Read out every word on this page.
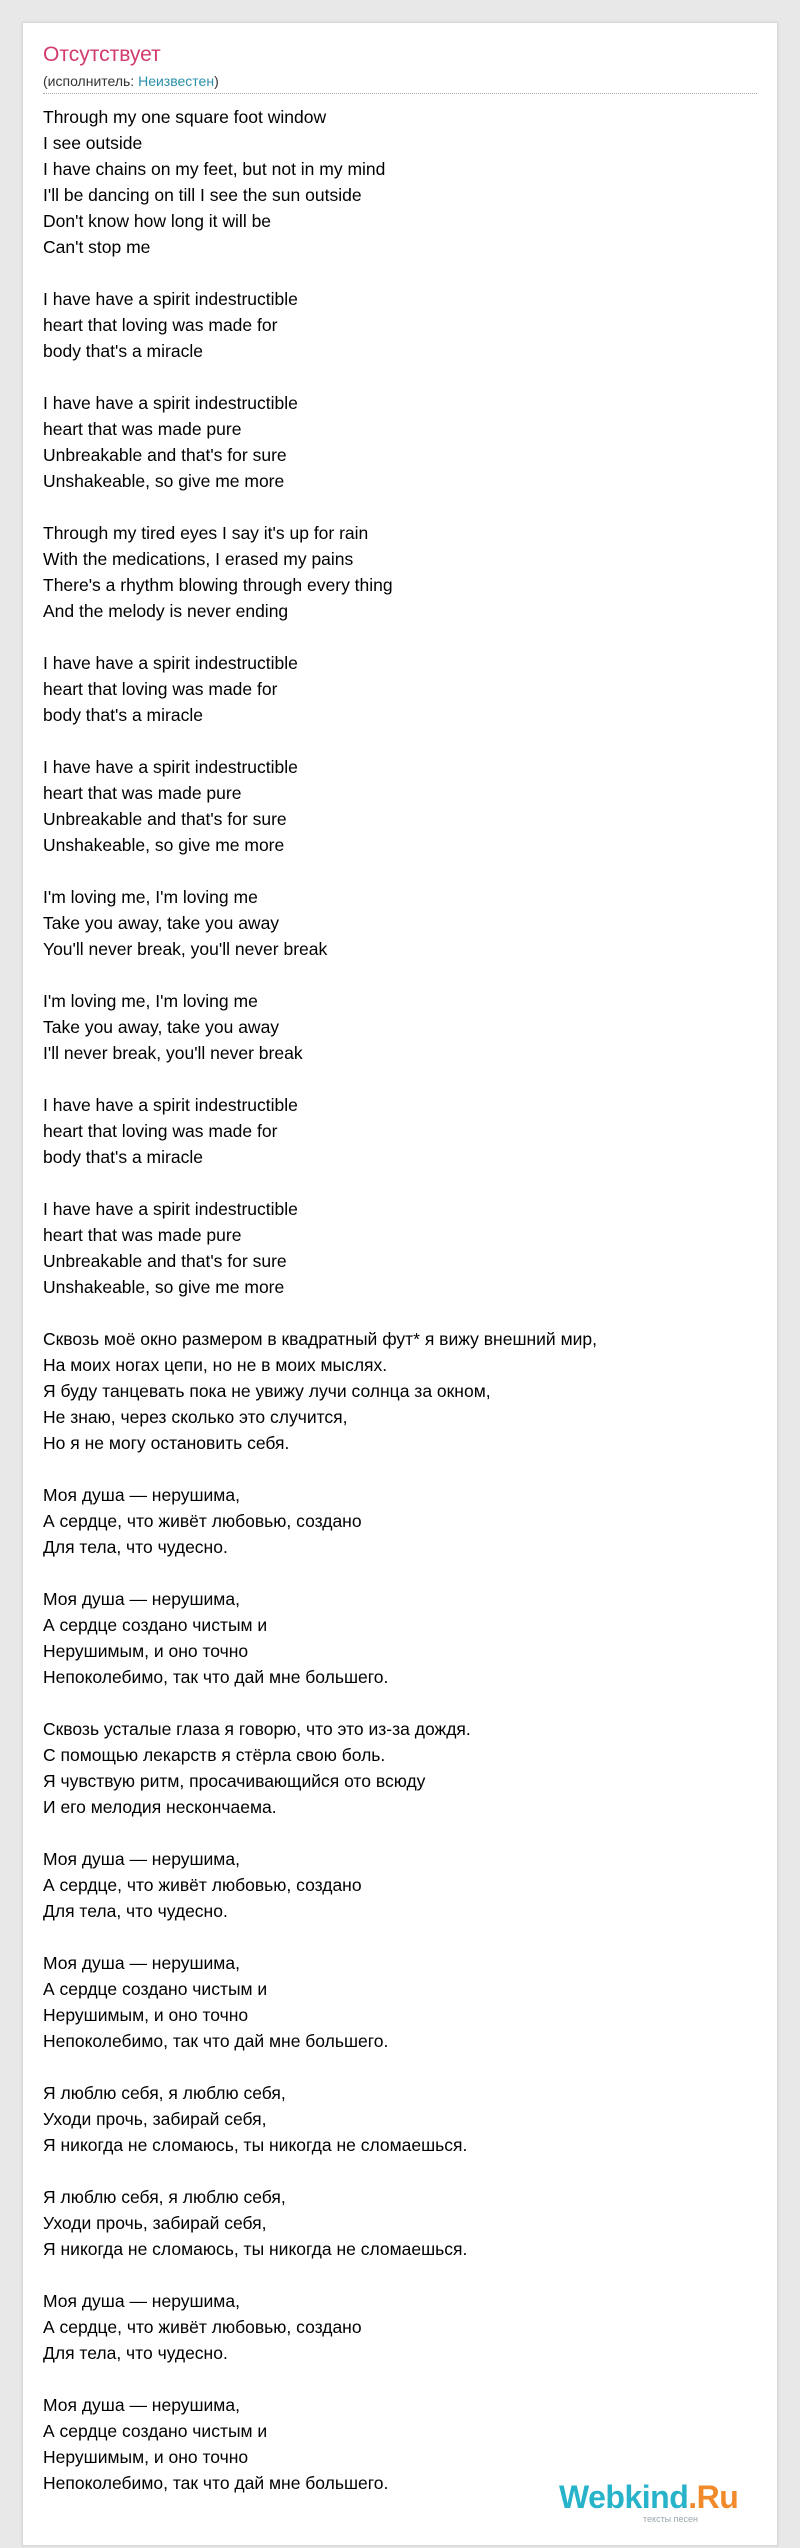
Отсутствует
(исполнитель: Неизвестен)
Through my one square foot window
I see outside
I have chains on my feet, but not in my mind
I'll be dancing on till I see the sun outside
Don't know how long it will be
Can't stop me
I have have a spirit indestructible
heart that loving was made for
body that's a miracle
I have have a spirit indestructible
heart that was made pure
Unbreakable and that's for sure
Unshakeable, so give me more
Through my tired eyes I say it's up for rain
With the medications, I erased my pains
There's a rhythm blowing through every thing
And the melody is never ending
I have have a spirit indestructible
heart that loving was made for
body that's a miracle
I have have a spirit indestructible
heart that was made pure
Unbreakable and that's for sure
Unshakeable, so give me more
I'm loving me, I'm loving me
Take you away, take you away
You'll never break, you'll never break
I'm loving me, I'm loving me
Take you away, take you away
I'll never break, you'll never break
I have have a spirit indestructible
heart that loving was made for
body that's a miracle
I have have a spirit indestructible
heart that was made pure
Unbreakable and that's for sure
Unshakeable, so give me more
Сквозь моё окно размером в квадратный фут* я вижу внешний мир,
На моих ногах цепи, но не в моих мыслях.
Я буду танцевать пока не увижу лучи солнца за окном,
Не знаю, через сколько это случится,
Но я не могу остановить себя.
Моя душа — нерушима,
А сердце, что живёт любовью, создано
Для тела, что чудесно.
Моя душа — нерушима,
А сердце создано чистым и
Нерушимым, и оно точно
Непоколебимо, так что дай мне большего.
Сквозь усталые глаза я говорю, что это из-за дождя.
С помощью лекарств я стёрла свою боль.
Я чувствую ритм, просачивающийся ото всюду
И его мелодия нескончаема.
Моя душа — нерушима,
А сердце, что живёт любовью, создано
Для тела, что чудесно.
Моя душа — нерушима,
А сердце создано чистым и
Нерушимым, и оно точно
Непоколебимо, так что дай мне большего.
Я люблю себя, я люблю себя,
Уходи прочь, забирай себя,
Я никогда не сломаюсь, ты никогда не сломаешься.
Я люблю себя, я люблю себя,
Уходи прочь, забирай себя,
Я никогда не сломаюсь, ты никогда не сломаешься.
Моя душа — нерушима,
А сердце, что живёт любовью, создано
Для тела, что чудесно.
Моя душа — нерушима,
А сердце создано чистым и
Нерушимым, и оно точно
Непоколебимо, так что дай мне большего.	Webkind.Ru
тексты песен
